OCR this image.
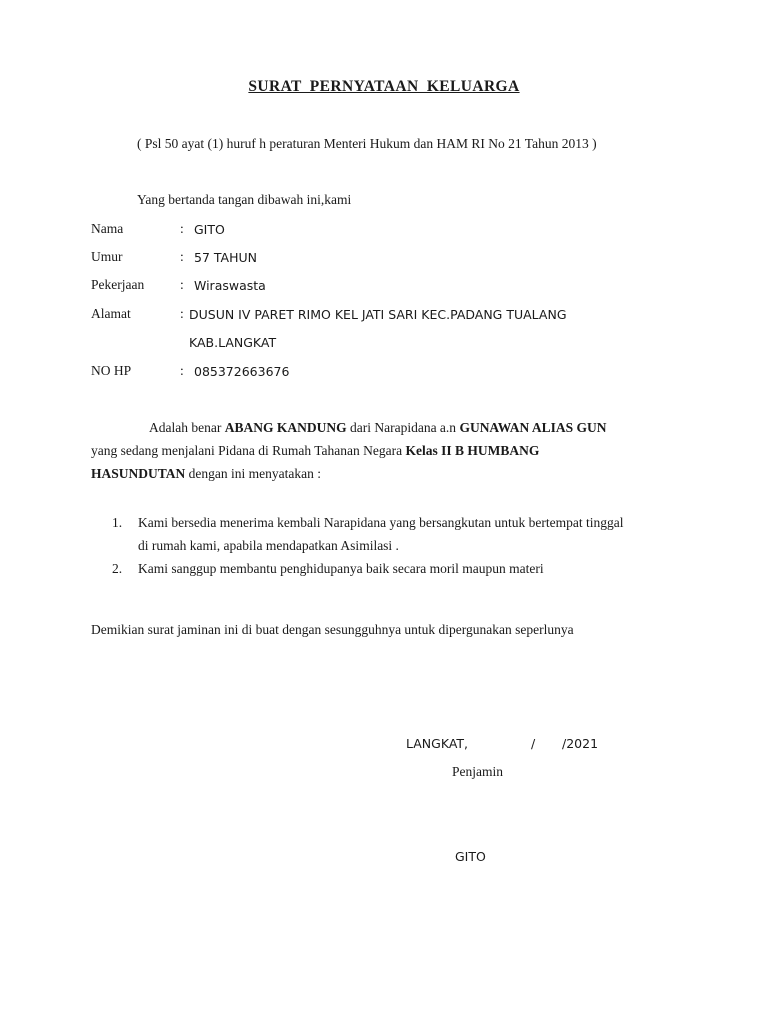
SURAT PERNYATAAN KELUARGA
( Psl 50 ayat (1) huruf h peraturan Menteri Hukum dan HAM RI No 21 Tahun 2013 )
Yang bertanda tangan dibawah ini,kami
Nama	: GITO
Umur	: 57 TAHUN
Pekerjaan	: Wiraswasta
Alamat	: DUSUN IV PARET RIMO KEL JATI SARI KEC.PADANG TUALANG
KAB.LANGKAT
NO HP	: 085372663676
Adalah benar ABANG KANDUNG dari Narapidana a.n GUNAWAN ALIAS GUN
yang sedang menjalani Pidana di Rumah Tahanan Negara Kelas II B HUMBANG
HASUNDUTAN dengan ini menyatakan :
1. Kami bersedia menerima kembali Narapidana yang bersangkutan untuk bertempat tinggal
di rumah kami, apabila mendapatkan Asimilasi .
2. Kami sanggup membantu penghidupanya baik secara moril maupun materi
Demikian surat jaminan ini di buat dengan sesungguhnya untuk dipergunakan seperlunya
LANGKAT,	/ /2021
Penjamin
GITO
